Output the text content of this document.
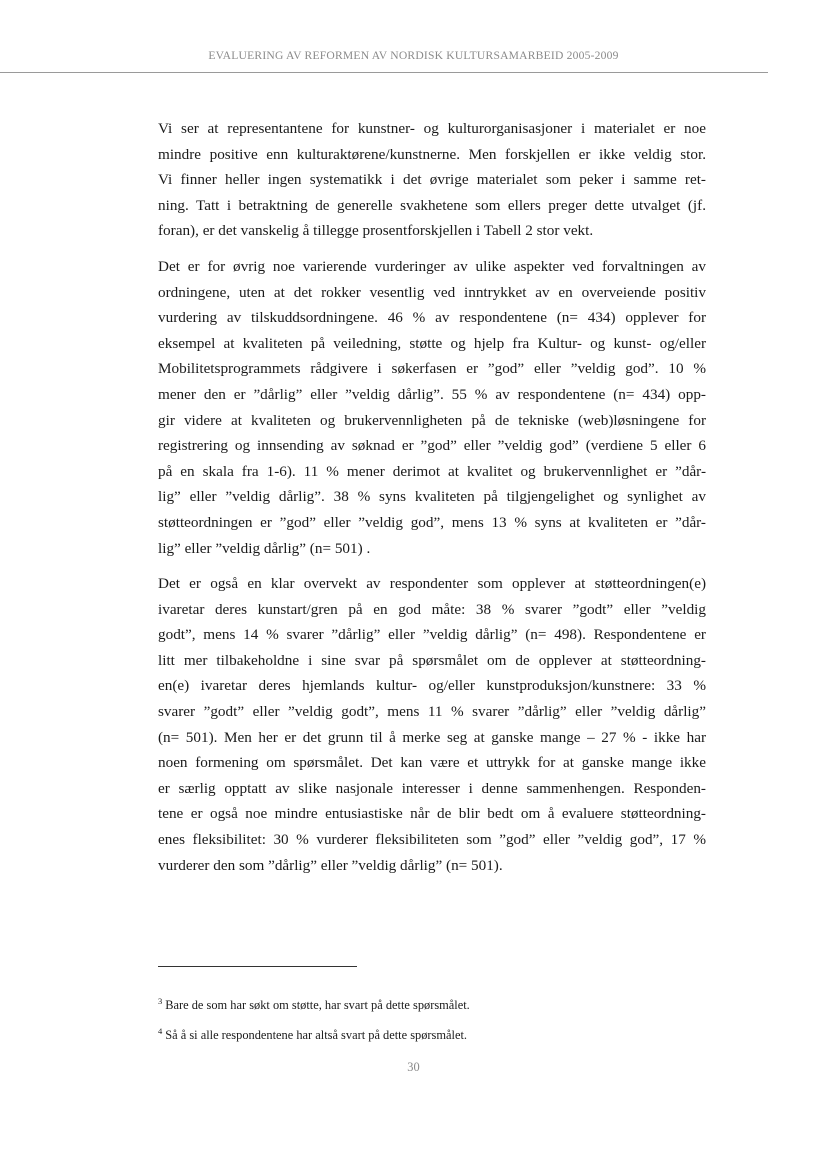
EVALUERING AV REFORMEN AV NORDISK KULTURSAMARBEID 2005-2009
Vi ser at representantene for kunstner- og kulturorganisasjoner i materialet er noe
mindre positive enn kulturaktørene/kunstnerne. Men forskjellen er ikke veldig stor.
Vi finner heller ingen systematikk i det øvrige materialet som peker i samme ret-
ning. Tatt i betraktning de generelle svakhetene som ellers preger dette utvalget (jf.
foran), er det vanskelig å tillegge prosentforskjellen i Tabell 2 stor vekt.
Det er for øvrig noe varierende vurderinger av ulike aspekter ved forvaltningen av
ordningene, uten at det rokker vesentlig ved inntrykket av en overveiende positiv
vurdering av tilskuddsordningene. 46 % av respondentene (n= 434) opplever for
eksempel at kvaliteten på veiledning, støtte og hjelp fra Kultur- og kunst- og/eller
Mobilitetsprogrammets rådgivere i søkerfasen er ”god” eller ”veldig god”. 10 %
mener den er ”dårlig” eller ”veldig dårlig”. 55 % av respondentene (n= 434) opp-
gir videre at kvaliteten og brukervennligheten på de tekniske (web)løsningene for
registrering og innsending av søknad er ”god” eller ”veldig god” (verdiene 5 eller 6
på en skala fra 1-6). 11 % mener derimot at kvalitet og brukervennlighet er ”dår-
lig” eller ”veldig dårlig”. 38 % syns kvaliteten på tilgjengelighet og synlighet av
støtteordningen er ”god” eller ”veldig god”, mens 13 % syns at kvaliteten er ”dår-
lig” eller ”veldig dårlig” (n= 501) .
Det er også en klar overvekt av respondenter som opplever at støtteordningen(e)
ivaretar deres kunstart/gren på en god måte: 38 % svarer ”godt” eller ”veldig
godt”, mens 14 % svarer ”dårlig” eller ”veldig dårlig” (n= 498). Respondentene er
litt mer tilbakeholdne i sine svar på spørsmålet om de opplever at støtteordning-
en(e) ivaretar deres hjemlands kultur- og/eller kunstproduksjon/kunstnere: 33 %
svarer ”godt” eller ”veldig godt”, mens 11 % svarer ”dårlig” eller ”veldig dårlig”
(n= 501). Men her er det grunn til å merke seg at ganske mange – 27 % - ikke har
noen formening om spørsmålet. Det kan være et uttrykk for at ganske mange ikke
er særlig opptatt av slike nasjonale interesser i denne sammenhengen. Responden-
tene er også noe mindre entusiastiske når de blir bedt om å evaluere støtteordning-
enes fleksibilitet: 30 % vurderer fleksibiliteten som ”god” eller ”veldig god”, 17 %
vurderer den som ”dårlig” eller ”veldig dårlig” (n= 501).
$^3$ Bare de som har søkt om støtte, har svart på dette spørsmålet.
$^4$ Så å si alle respondentene har altså svart på dette spørsmålet.
30
